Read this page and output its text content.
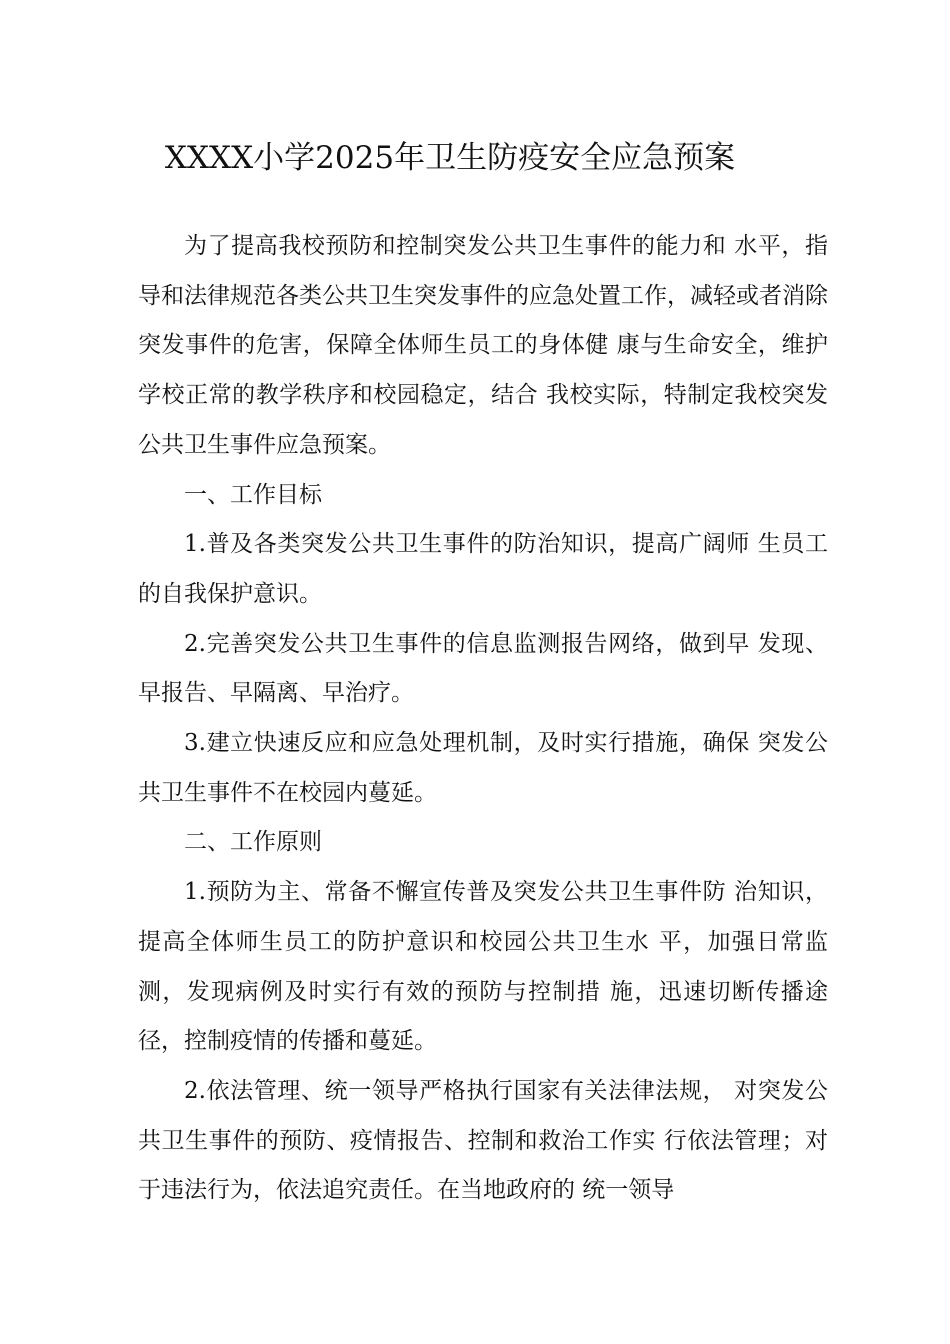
XXXX小学2025年卫生防疫安全应急预案

为了提高我校预防和控制突发公共卫生事件的能力和 水平，指导和法律规范各类公共卫生突发事件的应急处置工作，减轻或者消除突发事件的危害，保障全体师生员工的身体健 康与生命安全，维护学校正常的教学秩序和校园稳定，结合 我校实际，特制定我校突发公共卫生事件应急预案。

一、工作目标

1.普及各类突发公共卫生事件的防治知识，提高广阔师 生员工的自我保护意识。

2.完善突发公共卫生事件的信息监测报告网络，做到早 发现、早报告、早隔离、早治疗。

3.建立快速反应和应急处理机制，及时实行措施，确保 突发公共卫生事件不在校园内蔓延。

二、工作原则

1.预防为主、常备不懈宣传普及突发公共卫生事件防 治知识，提高全体师生员工的防护意识和校园公共卫生水 平，加强日常监测，发现病例及时实行有效的预防与控制措 施，迅速切断传播途径，控制疫情的传播和蔓延。

2.依法管理、统一领导严格执行国家有关法律法规， 对突发公共卫生事件的预防、疫情报告、控制和救治工作实 行依法管理；对于违法行为，依法追究责任。在当地政府的 统一领导
